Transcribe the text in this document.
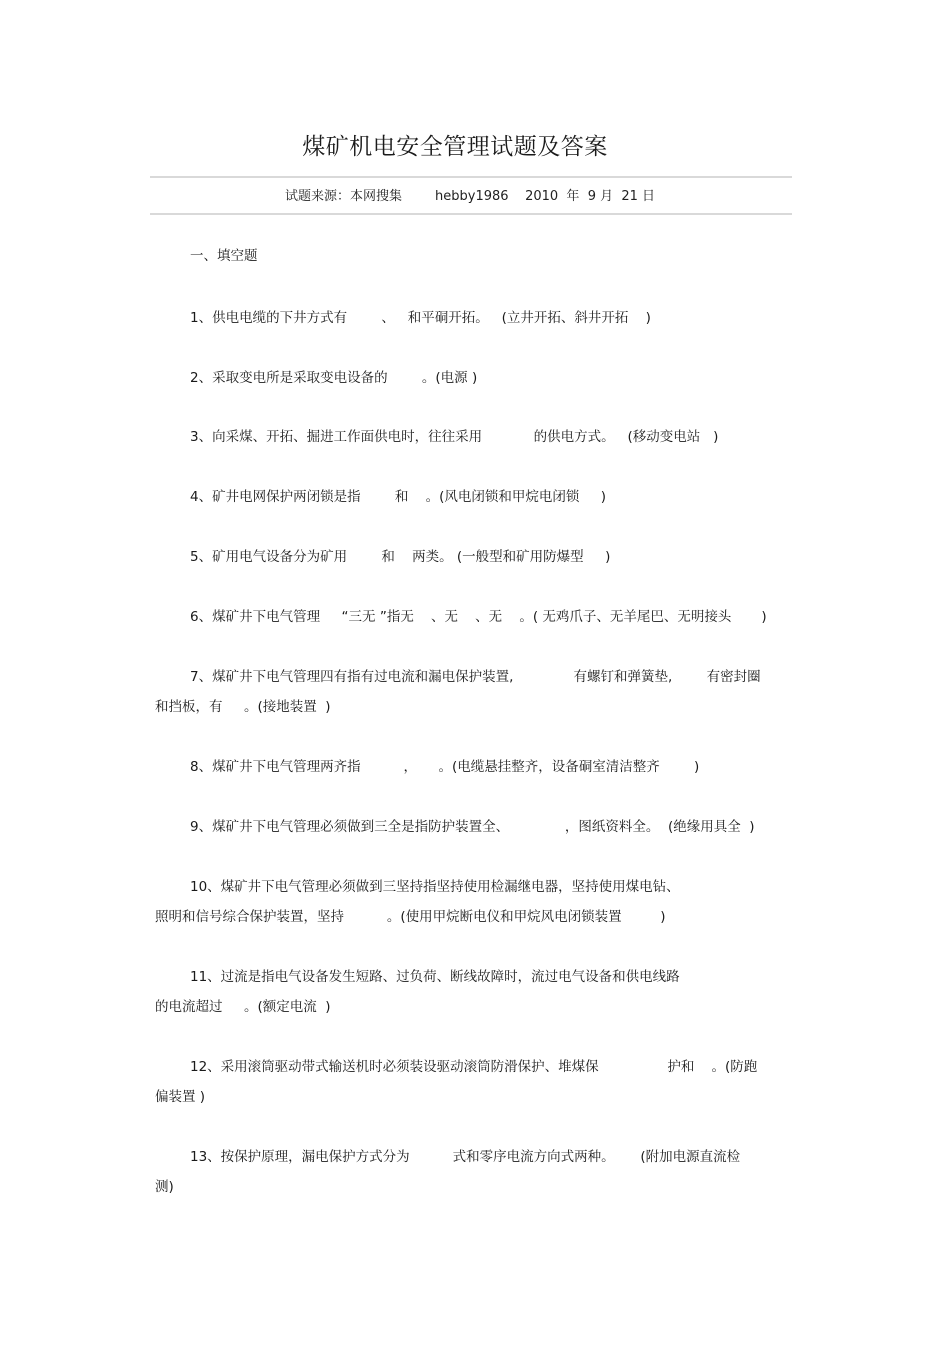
煤矿机电安全管理试题及答案
试题来源：本网搜集        hebby1986    2010  年  9 月  21 日
一、填空题
1、供电电缆的下井方式有        、   和平硐开拓。   (立井开拓、斜井开拓    )
2、采取变电所是采取变电设备的        。(电源 )
3、向采煤、开拓、掘进工作面供电时，往往采用            的供电方式。   (移动变电站   )
4、矿井电网保护两闭锁是指        和    。(风电闭锁和甲烷电闭锁     )
5、矿用电气设备分为矿用        和    两类。 (一般型和矿用防爆型     )
6、煤矿井下电气管理     “三无 ”指无    、无    、无    。( 无鸡爪子、无羊尾巴、无明接头       )
7、煤矿井下电气管理四有指有过电流和漏电保护装置,              有螺钉和弹簧垫,        有密封圈
和挡板，有     。(接地装置  )
8、煤矿井下电气管理两齐指          ，     。(电缆悬挂整齐，设备硐室清洁整齐        )
9、煤矿井下电气管理必须做到三全是指防护装置全、             ，图纸资料全。  (绝缘用具全  )
10、煤矿井下电气管理必须做到三坚持指坚持使用检漏继电器，坚持使用煤电钻、
照明和信号综合保护装置，坚持          。(使用甲烷断电仪和甲烷风电闭锁装置         )
11、过流是指电气设备发生短路、过负荷、断线故障时，流过电气设备和供电线路
的电流超过     。(额定电流  )
12、采用滚筒驱动带式输送机时必须装设驱动滚筒防滑保护、堆煤保                护和    。(防跑
偏装置 )
13、按保护原理，漏电保护方式分为          式和零序电流方向式两种。      (附加电源直流检
测)
